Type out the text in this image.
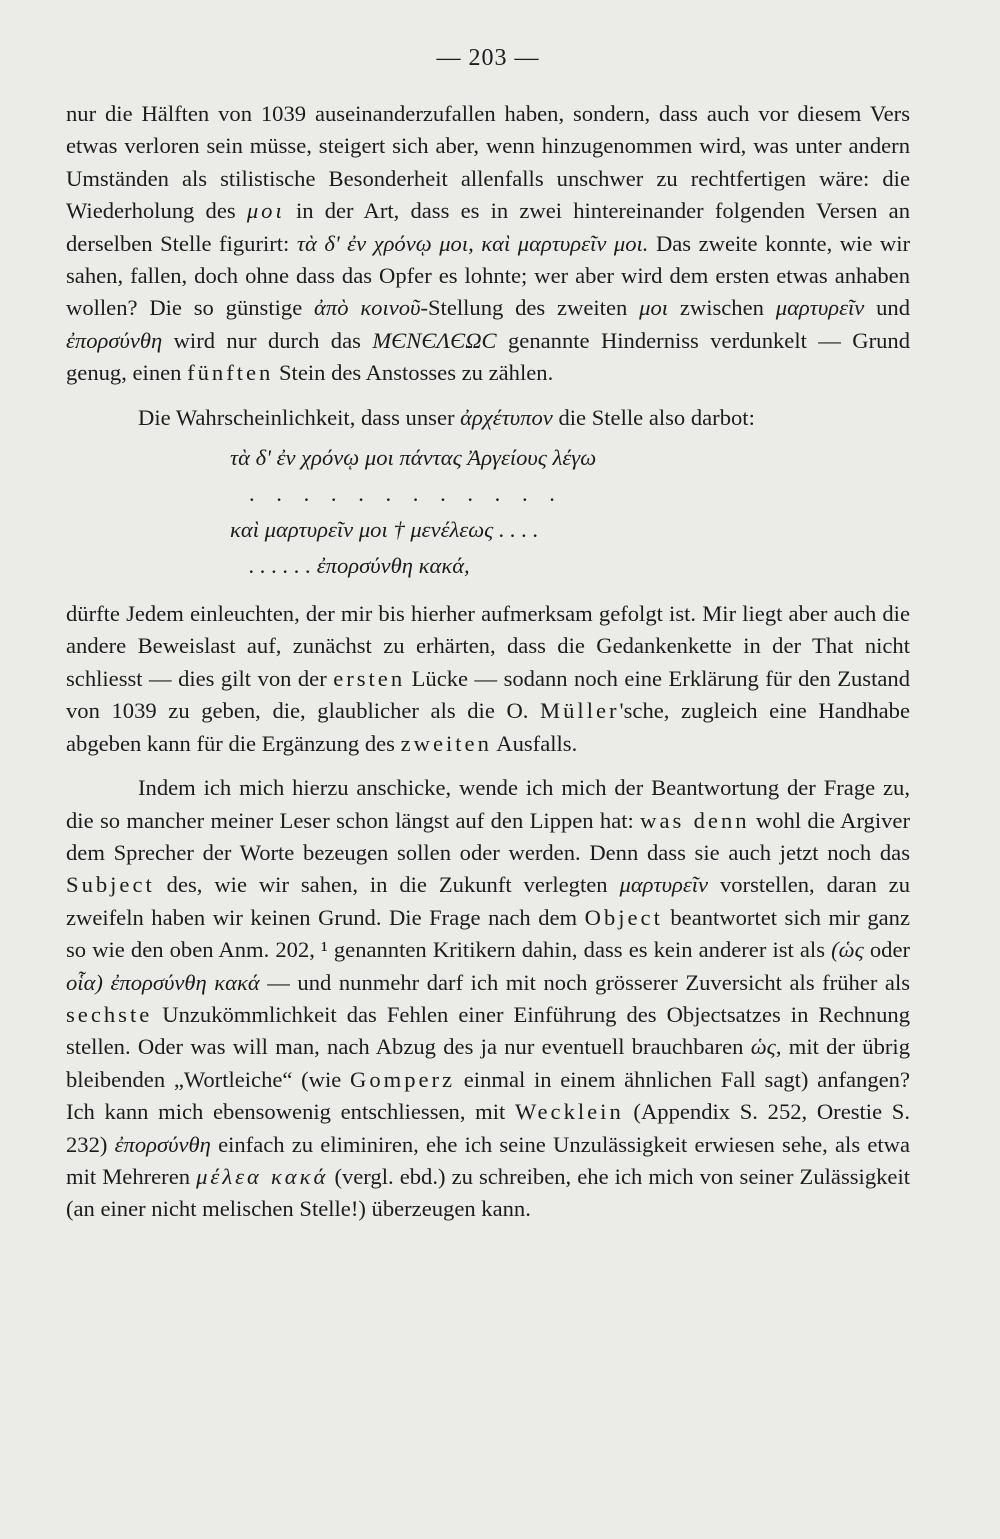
— 203 —

nur die Hälften von 1039 auseinanderzufallen haben, sondern, dass auch vor diesem Vers etwas verloren sein müsse, steigert sich aber, wenn hinzugenommen wird, was unter andern Umständen als stilistische Besonderheit allenfalls unschwer zu rechtfertigen wäre: die Wiederholung des μοι in der Art, dass es in zwei hintereinander folgenden Versen an derselben Stelle figurirt: τὰ δ' ἐν χρόνῳ μοι, καὶ μαρτυρεῖν μοι. Das zweite konnte, wie wir sahen, fallen, doch ohne dass das Opfer es lohnte; wer aber wird dem ersten etwas anhaben wollen? Die so günstige ἀπὸ κοινοῦ-Stellung des zweiten μοι zwischen μαρτυρεῖν und ἐπορσύνθη wird nur durch das ΜЄΝЄΛЄΩϹ genannte Hinderniss verdunkelt — Grund genug, einen fünften Stein des Anstosses zu zählen.

Die Wahrscheinlichkeit, dass unser ἀρχέτυπον die Stelle also darbot:

τὰ δ' ἐν χρόνῳ μοι πάντας Ἀργείους λέγω
. . . . . . . . . . . .
καὶ μαρτυρεῖν μοι † μενέλεως . . . .
. . . . . . ἐπορσύνθη κακά,

dürfte Jedem einleuchten, der mir bis hierher aufmerksam gefolgt ist. Mir liegt aber auch die andere Beweislast auf, zunächst zu erhärten, dass die Gedankenkette in der That nicht schliesst — dies gilt von der ersten Lücke — sodann noch eine Erklärung für den Zustand von 1039 zu geben, die, glaublicher als die O. Müller'sche, zugleich eine Handhabe abgeben kann für die Ergänzung des zweiten Ausfalls.

Indem ich mich hierzu anschicke, wende ich mich der Beantwortung der Frage zu, die so mancher meiner Leser schon längst auf den Lippen hat: was denn wohl die Argiver dem Sprecher der Worte bezeugen sollen oder werden. Denn dass sie auch jetzt noch das Subject des, wie wir sahen, in die Zukunft verlegten μαρτυρεῖν vorstellen, daran zu zweifeln haben wir keinen Grund. Die Frage nach dem Object beantwortet sich mir ganz so wie den oben Anm. 202, ¹ genannten Kritikern dahin, dass es kein anderer ist als (ὡς oder οἷα) ἐπορσύνθη κακά — und nunmehr darf ich mit noch grösserer Zuversicht als früher als sechste Unzukömmlichkeit das Fehlen einer Einführung des Objectsatzes in Rechnung stellen. Oder was will man, nach Abzug des ja nur eventuell brauchbaren ὡς, mit der übrig bleibenden „Wortleiche“ (wie Gomperz einmal in einem ähnlichen Fall sagt) anfangen? Ich kann mich ebensowenig entschliessen, mit Wecklein (Appendix S. 252, Orestie S. 232) ἐπορσύνθη einfach zu eliminiren, ehe ich seine Unzulässigkeit erwiesen sehe, als etwa mit Mehreren μέλεα κακά (vergl. ebd.) zu schreiben, ehe ich mich von seiner Zulässigkeit (an einer nicht melischen Stelle!) überzeugen kann.
